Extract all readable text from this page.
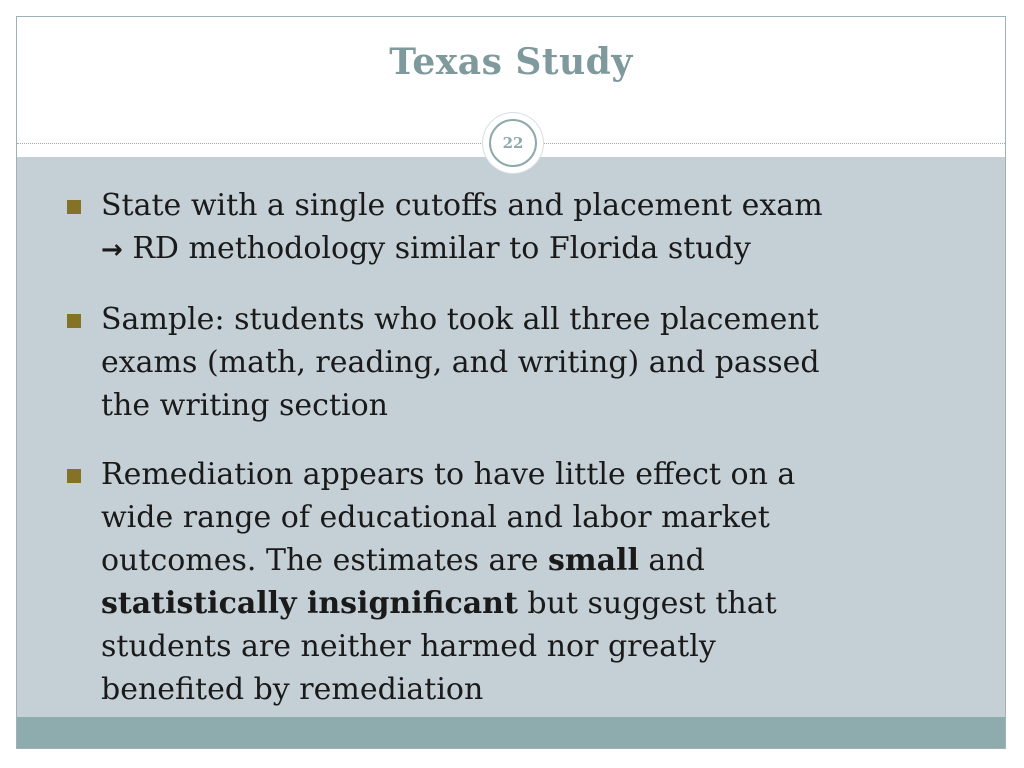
Texas Study
22
State with a single cutoffs and placement exam
→ RD methodology similar to Florida study
Sample: students who took all three placement
exams (math, reading, and writing) and passed
the writing section
Remediation appears to have little effect on a
wide range of educational and labor market
outcomes. The estimates are small and
statistically insignificant but suggest that
students are neither harmed nor greatly
benefited by remediation
